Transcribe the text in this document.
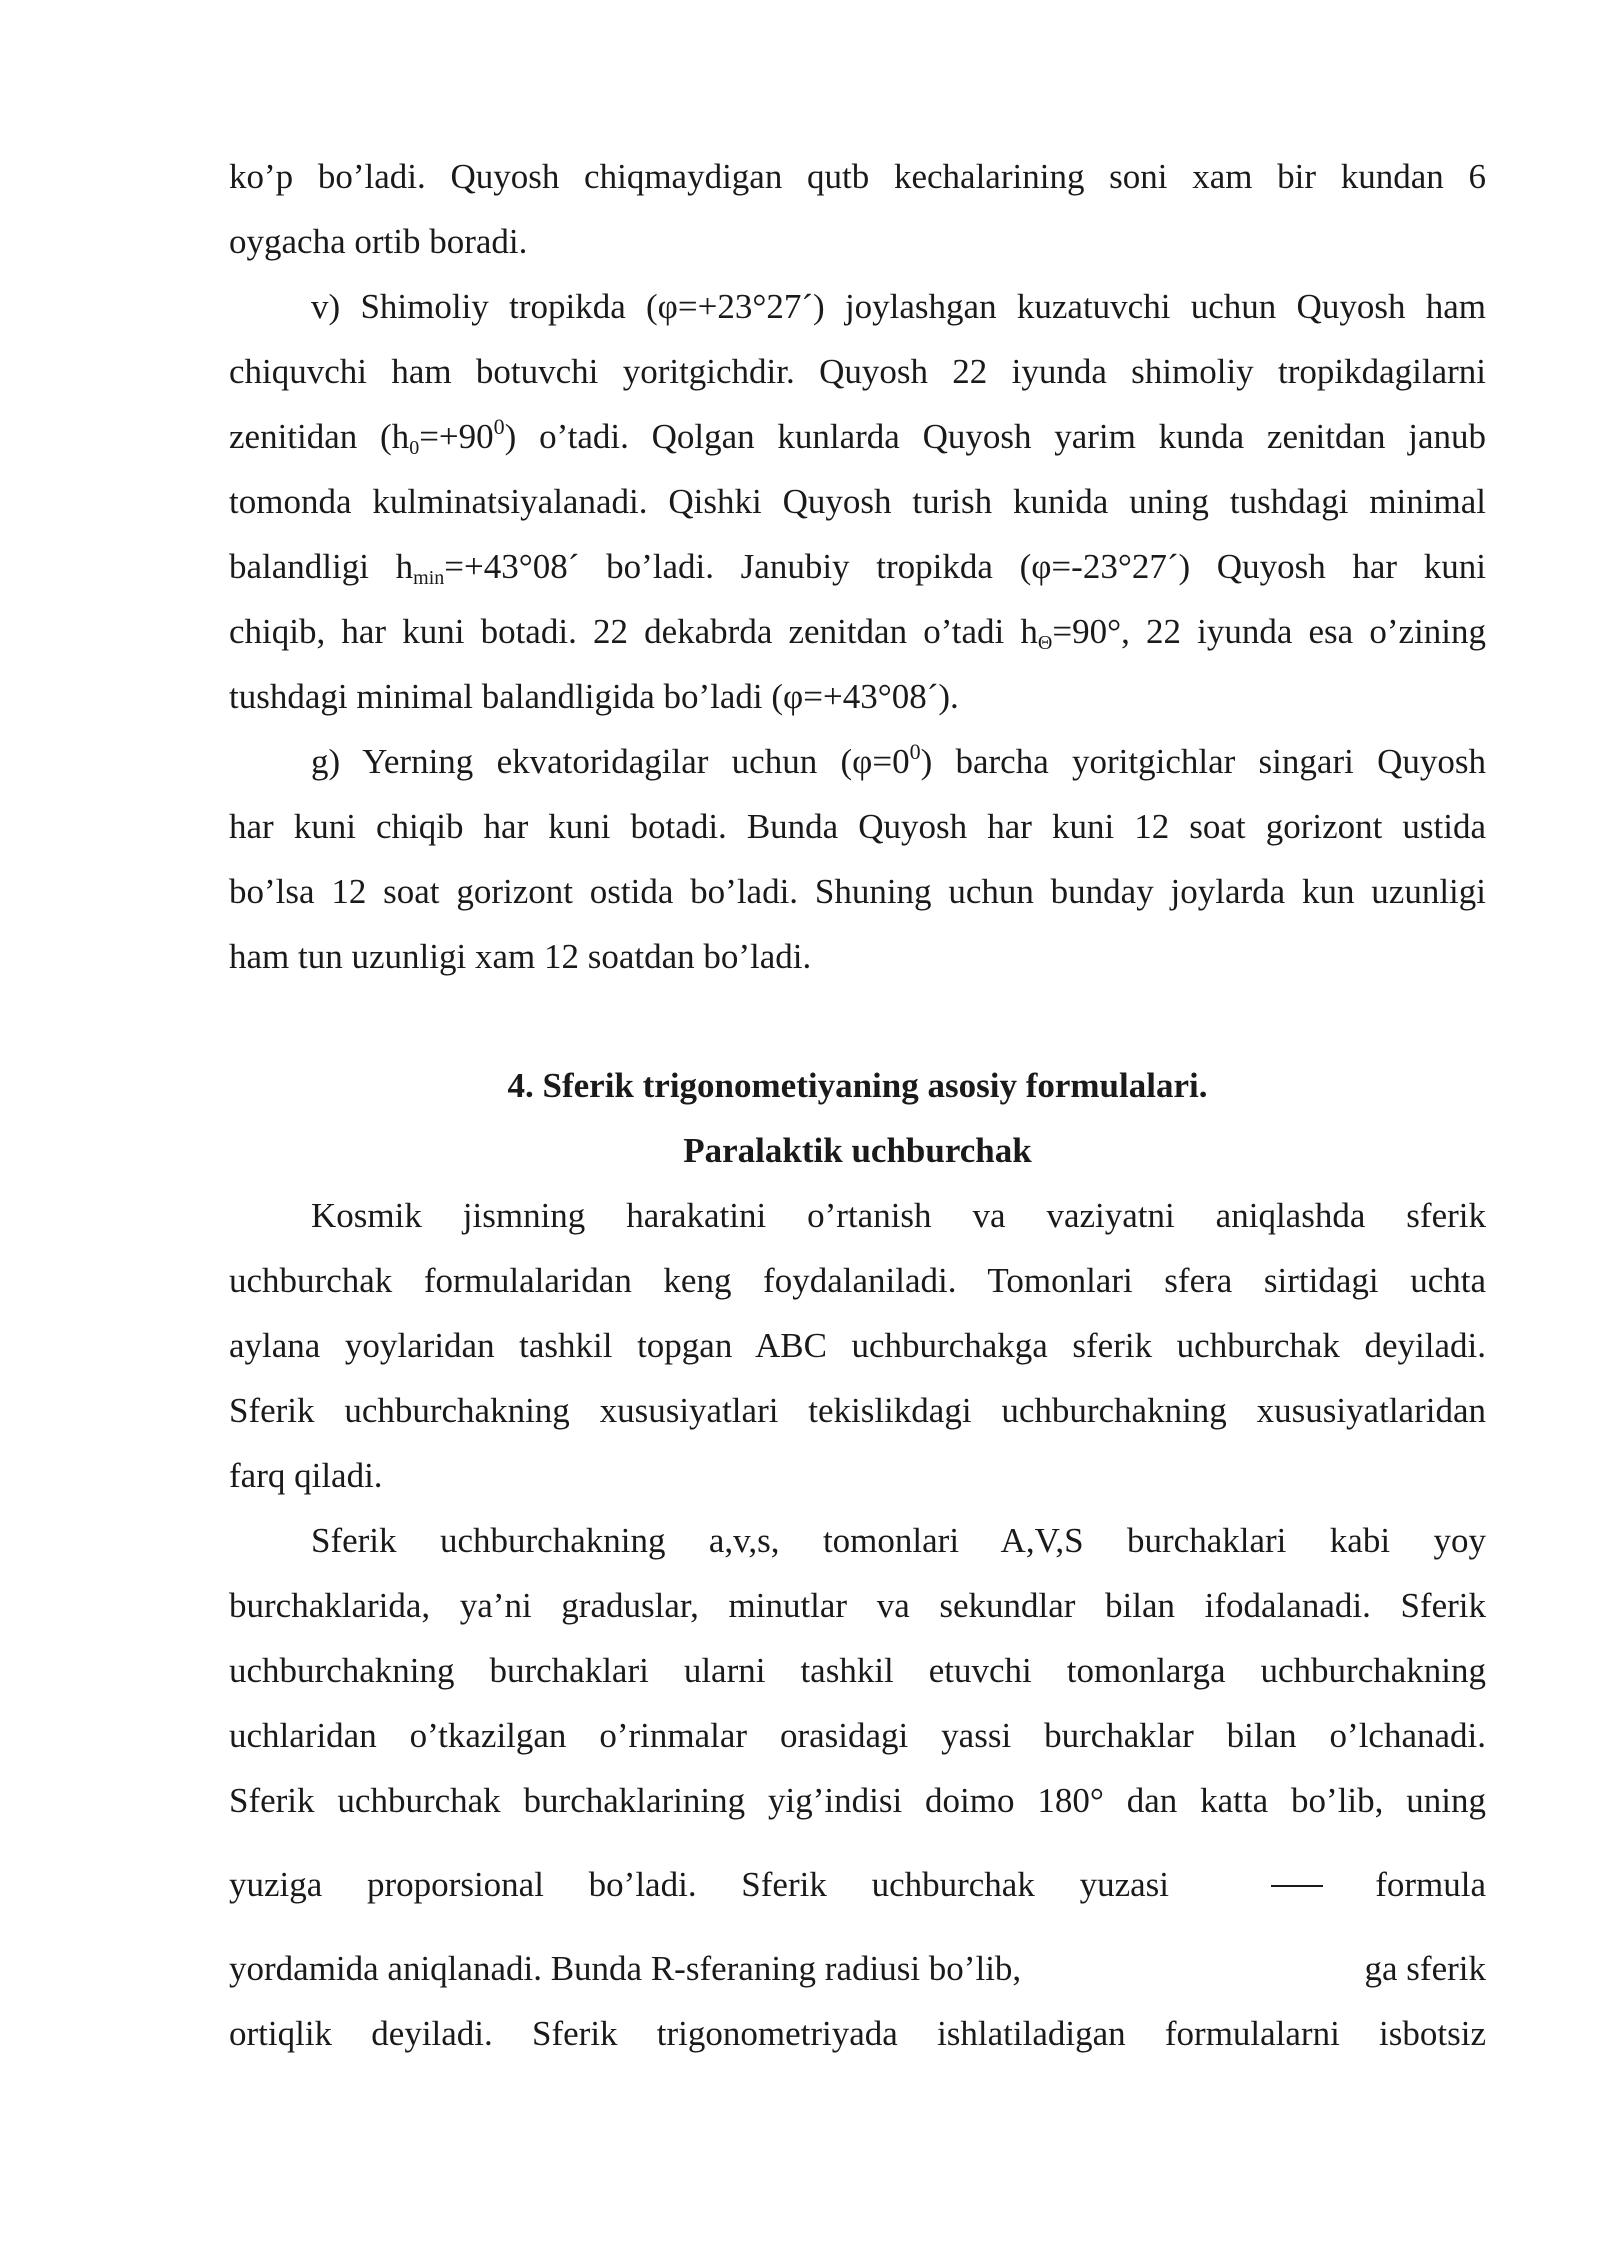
ko’p bo’ladi. Quyosh chiqmaydigan qutb kechalarining soni xam bir kundan 6
oygacha ortib boradi.
v) Shimoliy tropikda (φ=+23°27´) joylashgan kuzatuvchi uchun Quyosh ham
chiquvchi ham botuvchi yoritgichdir. Quyosh 22 iyunda shimoliy tropikdagilarni
zenitidan $(h_0=+90^0)$ o’tadi. Qolgan kunlarda Quyosh yarim kunda zenitdan janub
tomonda kulminatsiyalanadi. Qishki Quyosh turish kunida uning tushdagi minimal
balandligi $h_{min}=+43^\circ 08´$ bo’ladi. Janubiy tropikda (φ=-23°27´) Quyosh har kuni
chiqib, har kuni botadi. 22 dekabrda zenitdan o’tadi $h_\Theta=90^\circ$, 22 iyunda esa o’zining
tushdagi minimal balandligida bo’ladi (φ=+43°08´).
g) Yerning ekvatoridagilar uchun $(\varphi=0^0)$ barcha yoritgichlar singari Quyosh
har kuni chiqib har kuni botadi. Bunda Quyosh har kuni 12 soat gorizont ustida
bo’lsa 12 soat gorizont ostida bo’ladi. Shuning uchun bunday joylarda kun uzunligi
ham tun uzunligi xam 12 soatdan bo’ladi.
4. Sferik trigonometiyaning asosiy formulalari.
Paralaktik uchburchak
Kosmik jismning harakatini o’rtanish va vaziyatni aniqlashda sferik
uchburchak formulalaridan keng foydalaniladi. Tomonlari sfera sirtidagi uchta
aylana yoylaridan tashkil topgan ABC uchburchakga sferik uchburchak deyiladi.
Sferik uchburchakning xususiyatlari tekislikdagi uchburchakning xususiyatlaridan
farq qiladi.
Sferik uchburchakning a,v,s, tomonlari A,V,S burchaklari kabi yoy
burchaklarida, ya’ni graduslar, minutlar va sekundlar bilan ifodalanadi. Sferik
uchburchakning burchaklari ularni tashkil etuvchi tomonlarga uchburchakning
uchlaridan o’tkazilgan o’rinmalar orasidagi yassi burchaklar bilan o’lchanadi.
Sferik uchburchak burchaklarining yig’indisi doimo 180° dan katta bo’lib, uning
yuziga proporsional bo’ladi. Sferik uchburchak yuzasi	formula
yordamida aniqlanadi. Bunda R-sferaning radiusi bo’lib,	ga sferik
ortiqlik deyiladi. Sferik trigonometriyada ishlatiladigan formulalarni isbotsiz
